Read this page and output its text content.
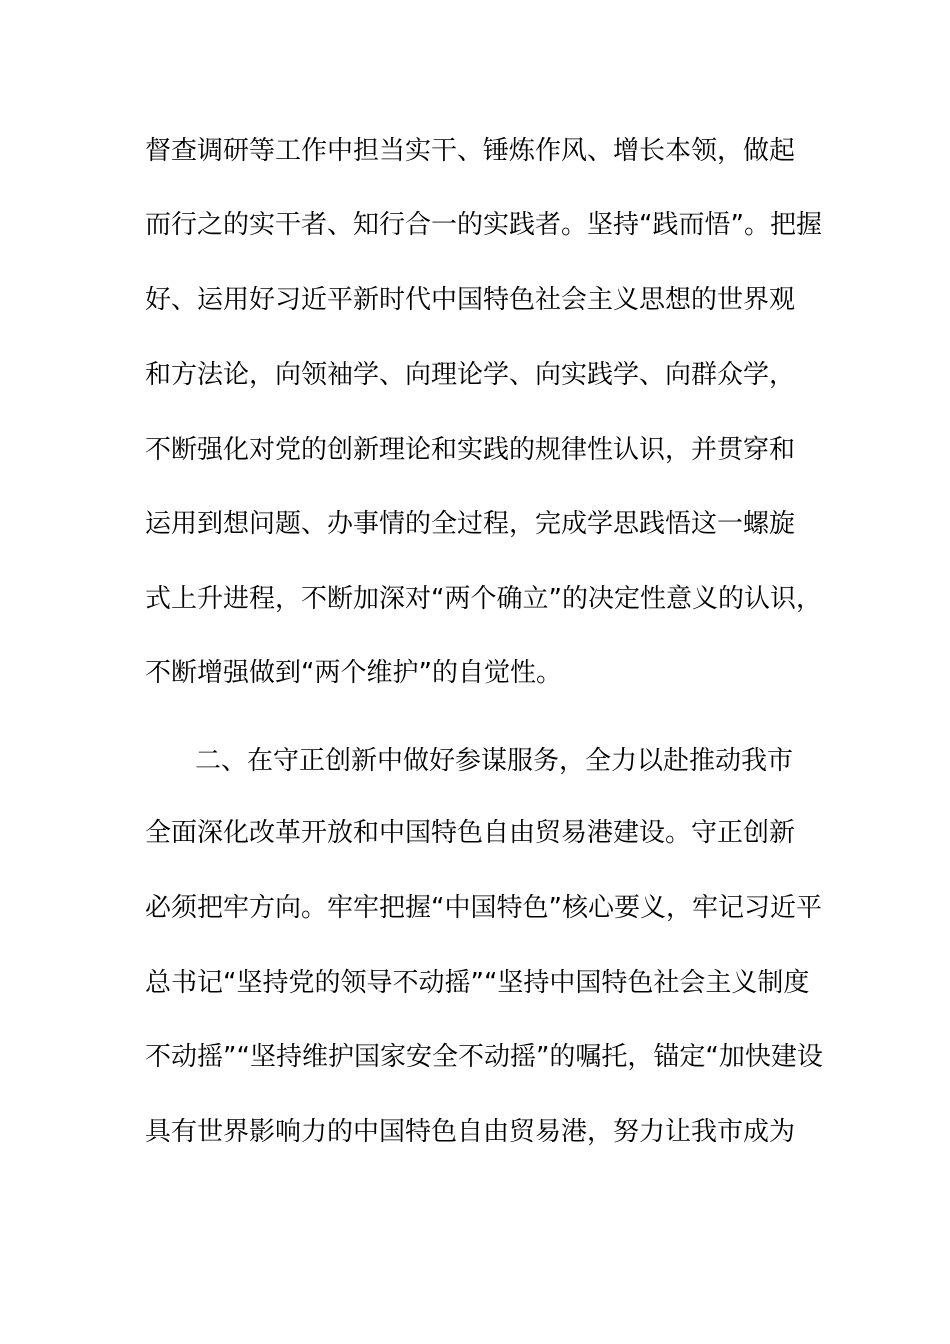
督查调研等工作中担当实干、锤炼作风、增长本领，做起
而行之的实干者、知行合一的实践者。坚持“践而悟”。把握
好、运用好习近平新时代中国特色社会主义思想的世界观
和方法论，向领袖学、向理论学、向实践学、向群众学，
不断强化对党的创新理论和实践的规律性认识，并贯穿和
运用到想问题、办事情的全过程，完成学思践悟这一螺旋
式上升进程，不断加深对“两个确立”的决定性意义的认识，
不断增强做到“两个维护”的自觉性。
二、在守正创新中做好参谋服务，全力以赴推动我市
全面深化改革开放和中国特色自由贸易港建设。守正创新
必须把牢方向。牢牢把握“中国特色”核心要义，牢记习近平
总书记“坚持党的领导不动摇”“坚持中国特色社会主义制度
不动摇”“坚持维护国家安全不动摇”的嘱托，锚定“加快建设
具有世界影响力的中国特色自由贸易港，努力让我市成为
